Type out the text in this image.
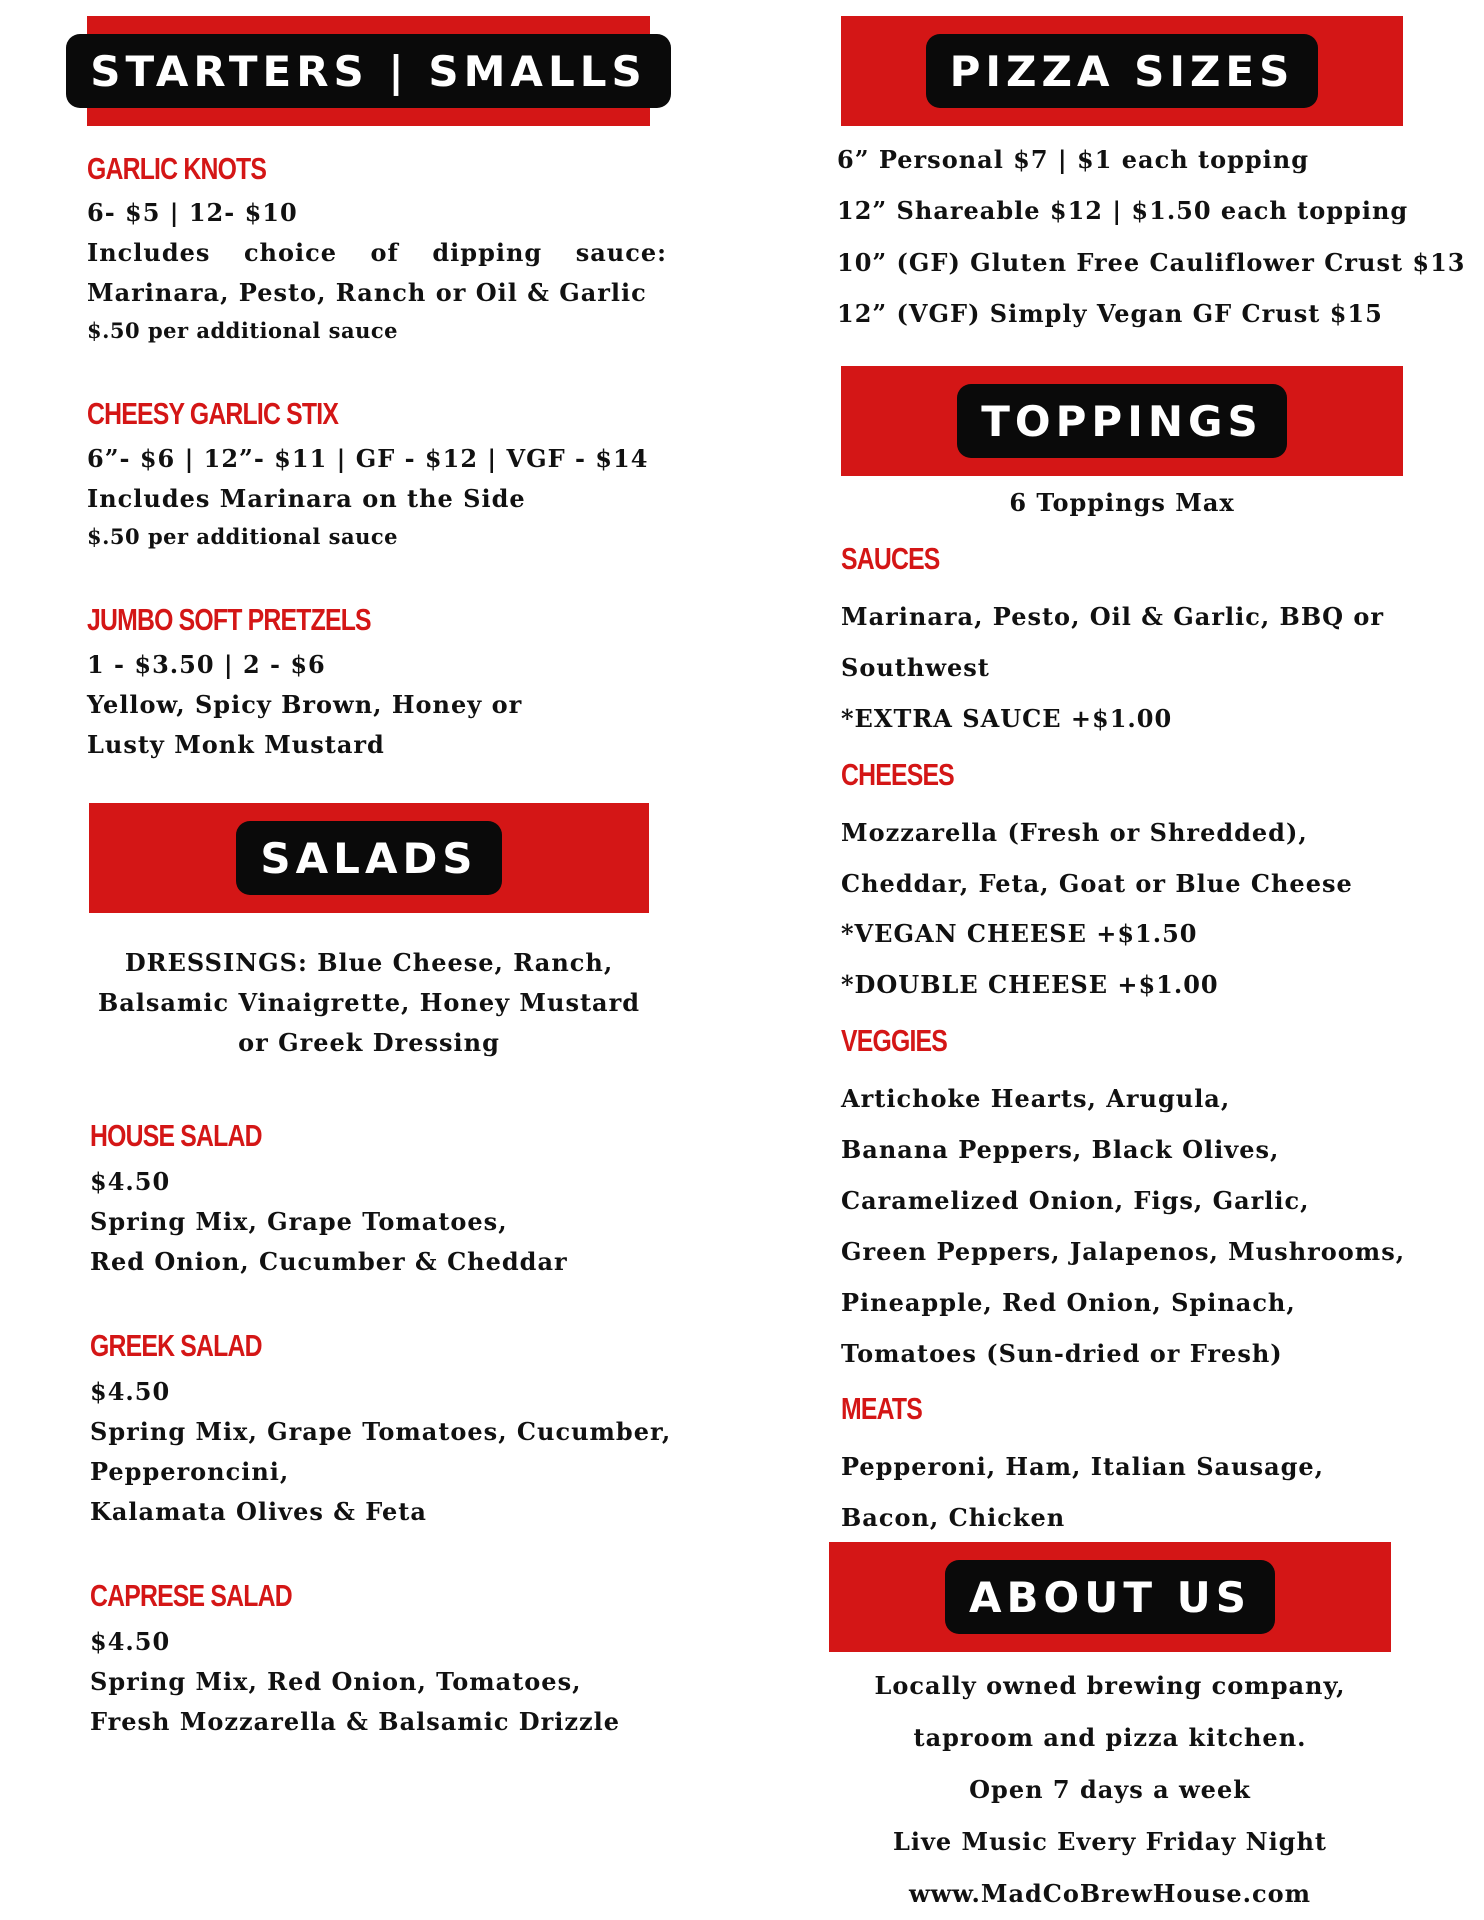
STARTERS | SMALLS
GARLIC KNOTS
6- $5 | 12- $10
Includes choice of dipping sauce:
Marinara, Pesto, Ranch or Oil & Garlic
$.50 per additional sauce
CHEESY GARLIC STIX
6”- $6 | 12”- $11 | GF - $12 | VGF - $14
Includes Marinara on the Side
$.50 per additional sauce
JUMBO SOFT PRETZELS
1 - $3.50 | 2 - $6
Yellow, Spicy Brown, Honey or
Lusty Monk Mustard
SALADS
DRESSINGS: Blue Cheese, Ranch,
Balsamic Vinaigrette, Honey Mustard
or Greek Dressing
HOUSE SALAD
$4.50
Spring Mix, Grape Tomatoes,
Red Onion, Cucumber & Cheddar
GREEK SALAD
$4.50
Spring Mix, Grape Tomatoes, Cucumber,
Pepperoncini,
Kalamata Olives & Feta
CAPRESE SALAD
$4.50
Spring Mix, Red Onion, Tomatoes,
Fresh Mozzarella & Balsamic Drizzle
PIZZA SIZES
6” Personal $7 | $1 each topping
12” Shareable $12 | $1.50 each topping
10” (GF) Gluten Free Cauliflower Crust $13
12” (VGF) Simply Vegan GF Crust $15
TOPPINGS
6 Toppings Max
SAUCES
Marinara, Pesto, Oil & Garlic, BBQ or
Southwest
*EXTRA SAUCE +$1.00
CHEESES
Mozzarella (Fresh or Shredded),
Cheddar, Feta, Goat or Blue Cheese
*VEGAN CHEESE +$1.50
*DOUBLE CHEESE +$1.00
VEGGIES
Artichoke Hearts, Arugula,
Banana Peppers, Black Olives,
Caramelized Onion, Figs, Garlic,
Green Peppers, Jalapenos, Mushrooms,
Pineapple, Red Onion, Spinach,
Tomatoes (Sun-dried or Fresh)
MEATS
Pepperoni, Ham, Italian Sausage,
Bacon, Chicken
ABOUT US
Locally owned brewing company,
taproom and pizza kitchen.
Open 7 days a week
Live Music Every Friday Night
www.MadCoBrewHouse.com
